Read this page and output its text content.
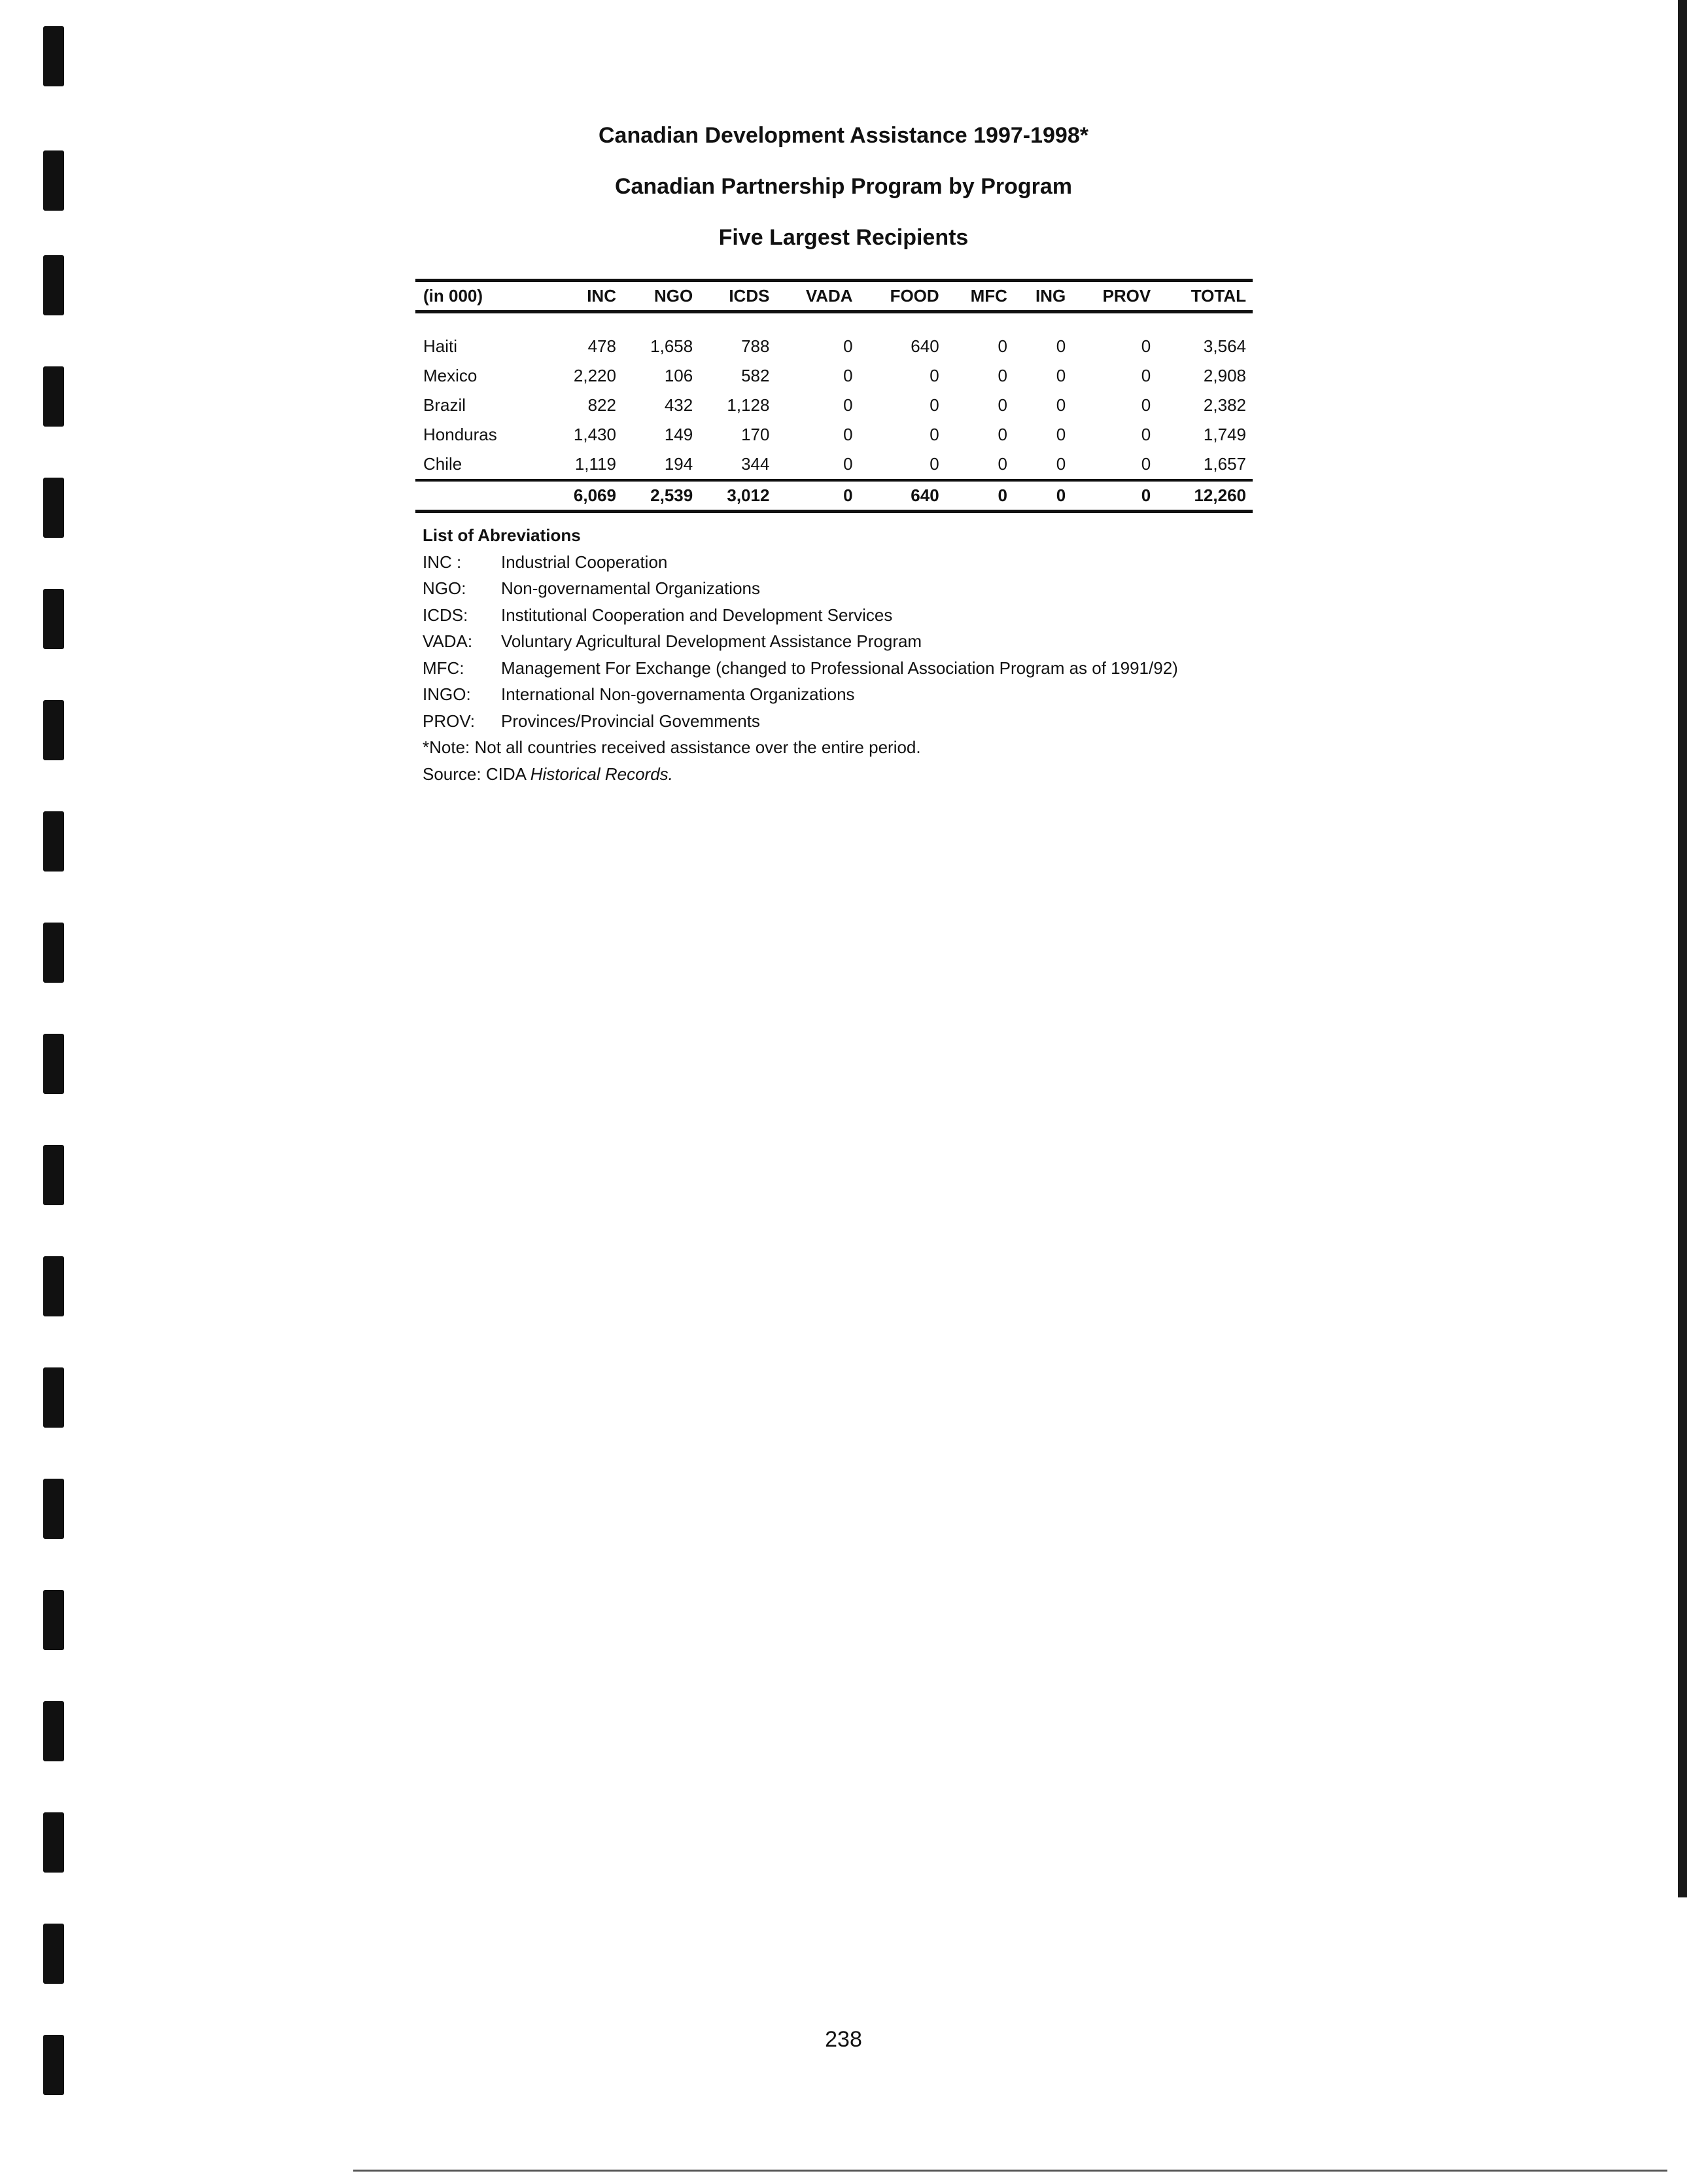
Canadian Development Assistance 1997-1998*

Canadian Partnership Program by Program

Five Largest Recipients

(in 000)	INC	NGO	ICDS	VADA	FOOD	MFC	ING	PROV	TOTAL

Haiti	478	1,658	788	0	640	0	0	0	3,564
Mexico	2,220	106	582	0	0	0	0	0	2,908
Brazil	822	432	1,128	0	0	0	0	0	2,382
Honduras	1,430	149	170	0	0	0	0	0	1,749
Chile	1,119	194	344	0	0	0	0	0	1,657
	6,069	2,539	3,012	0	640	0	0	0	12,260
List of Abreviations
INC :	Industrial Cooperation
NGO:	Non-governamental Organizations
ICDS:	Institutional Cooperation and Development Services
VADA:	Voluntary Agricultural Development Assistance Program
MFC:	Management For Exchange (changed to Professional Association Program as of 1991/92)
INGO:	International Non-governamenta Organizations
PROV:	Provinces/Provincial Govemments
*Note: Not all countries received assistance over the entire period.
Source: CIDA Historical Records.
238
